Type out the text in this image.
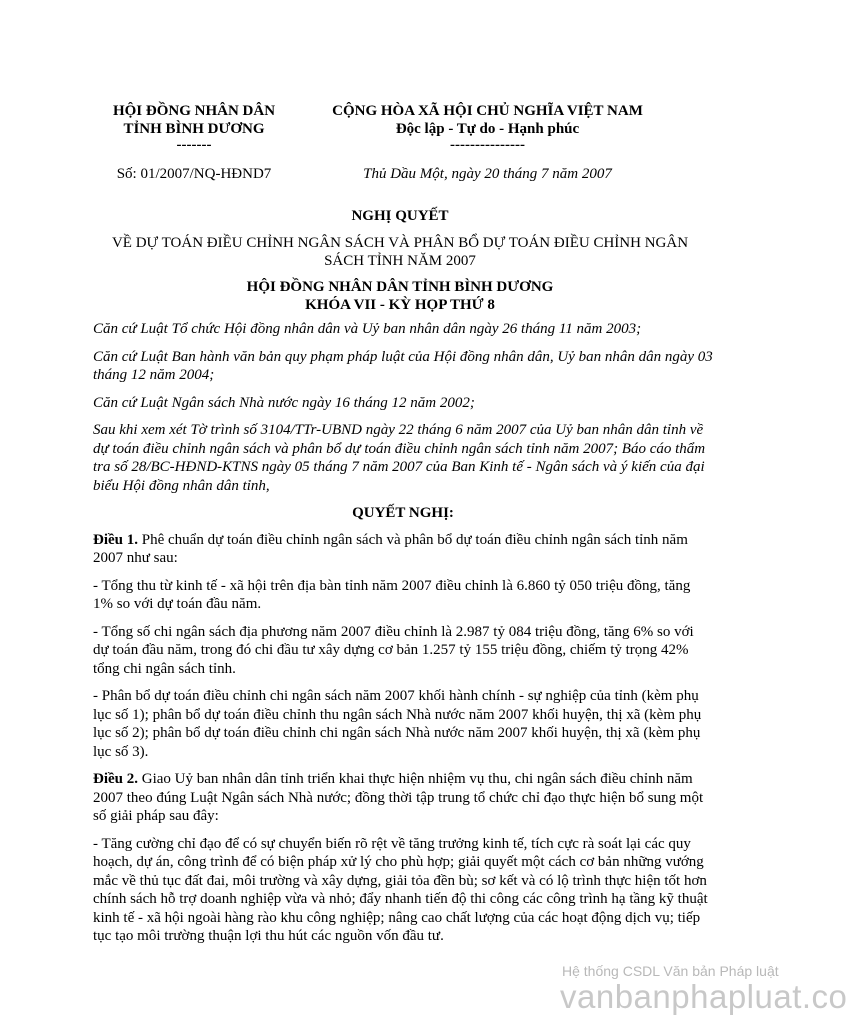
HỘI ĐỒNG NHÂN DÂN
TỈNH BÌNH DƯƠNG
-------
CỘNG HÒA XÃ HỘI CHỦ NGHĨA VIỆT NAM
Độc lập - Tự do - Hạnh phúc
---------------
Số: 01/2007/NQ-HĐND7	Thủ Dầu Một, ngày 20 tháng 7 năm 2007
NGHỊ QUYẾT
VỀ DỰ TOÁN ĐIỀU CHỈNH NGÂN SÁCH VÀ PHÂN BỔ DỰ TOÁN ĐIỀU CHỈNH NGÂN SÁCH TỈNH NĂM 2007
HỘI ĐỒNG NHÂN DÂN TỈNH BÌNH DƯƠNG
KHÓA VII - KỲ HỌP THỨ 8

Căn cứ Luật Tổ chức Hội đồng nhân dân và Uỷ ban nhân dân ngày 26 tháng 11 năm 2003;

Căn cứ Luật Ban hành văn bản quy phạm pháp luật của Hội đồng nhân dân, Uỷ ban nhân dân ngày 03 tháng 12 năm 2004;

Căn cứ Luật Ngân sách Nhà nước ngày 16 tháng 12 năm 2002;

Sau khi xem xét Tờ trình số 3104/TTr-UBND ngày 22 tháng 6 năm 2007 của Uỷ ban nhân dân tỉnh về dự toán điều chỉnh ngân sách và phân bổ dự toán điều chỉnh ngân sách tỉnh năm 2007; Báo cáo thẩm tra số 28/BC-HĐND-KTNS ngày 05 tháng 7 năm 2007 của Ban Kinh tế - Ngân sách và ý kiến của đại biểu Hội đồng nhân dân tỉnh,

QUYẾT NGHỊ:

Điều 1. Phê chuẩn dự toán điều chỉnh ngân sách và phân bổ dự toán điều chỉnh ngân sách tỉnh năm 2007 như sau:

- Tổng thu từ kinh tế - xã hội trên địa bàn tỉnh năm 2007 điều chỉnh là 6.860 tỷ 050 triệu đồng, tăng 1% so với dự toán đầu năm.

- Tổng số chi ngân sách địa phương năm 2007 điều chỉnh là 2.987 tỷ 084 triệu đồng, tăng 6% so với dự toán đầu năm, trong đó chi đầu tư xây dựng cơ bản 1.257 tỷ 155 triệu đồng, chiếm tỷ trọng 42% tổng chi ngân sách tỉnh.

- Phân bổ dự toán điều chỉnh chi ngân sách năm 2007 khối hành chính - sự nghiệp của tỉnh (kèm phụ lục số 1); phân bổ dự toán điều chỉnh thu ngân sách Nhà nước năm 2007 khối huyện, thị xã (kèm phụ lục số 2); phân bổ dự toán điều chỉnh chi ngân sách Nhà nước năm 2007 khối huyện, thị xã (kèm phụ lục số 3).

Điều 2. Giao Uỷ ban nhân dân tỉnh triển khai thực hiện nhiệm vụ thu, chi ngân sách điều chỉnh năm 2007 theo đúng Luật Ngân sách Nhà nước; đồng thời tập trung tổ chức chỉ đạo thực hiện bổ sung một số giải pháp sau đây:

- Tăng cường chỉ đạo để có sự chuyển biến rõ rệt về tăng trưởng kinh tế, tích cực rà soát lại các quy hoạch, dự án, công trình để có biện pháp xử lý cho phù hợp; giải quyết một cách cơ bản những vướng mắc về thủ tục đất đai, môi trường và xây dựng, giải tỏa đền bù; sơ kết và có lộ trình thực hiện tốt hơn chính sách hỗ trợ doanh nghiệp vừa và nhỏ; đẩy nhanh tiến độ thi công các công trình hạ tầng kỹ thuật kinh tế - xã hội ngoài hàng rào khu công nghiệp; nâng cao chất lượng của các hoạt động dịch vụ; tiếp tục tạo môi trường thuận lợi thu hút các nguồn vốn đầu tư.

Hệ thống CSDL Văn bản Pháp luật
vanbanphapluat.co
